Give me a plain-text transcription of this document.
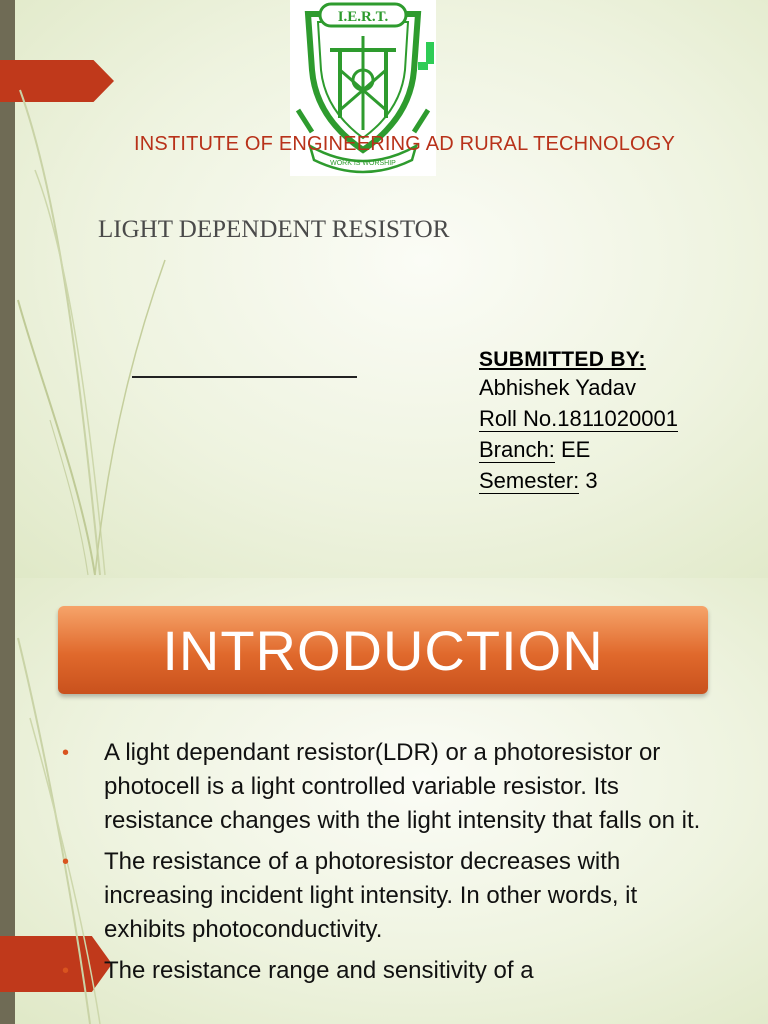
I.E.R.T.
WORK IS WORSHIP
INSTITUTE OF ENGINEERING AD RURAL TECHNOLOGY
LIGHT DEPENDENT RESISTOR
SUBMITTED BY:
Abhishek Yadav
Roll No.1811020001
Branch: EE
Semester: 3
INTRODUCTION
• A light dependant resistor(LDR) or a photoresistor or photocell is a light controlled variable resistor. Its resistance changes with the light intensity that falls on it.
• The resistance of a photoresistor decreases with increasing incident light intensity. In other words, it exhibits photoconductivity.
• The resistance range and sensitivity of a
